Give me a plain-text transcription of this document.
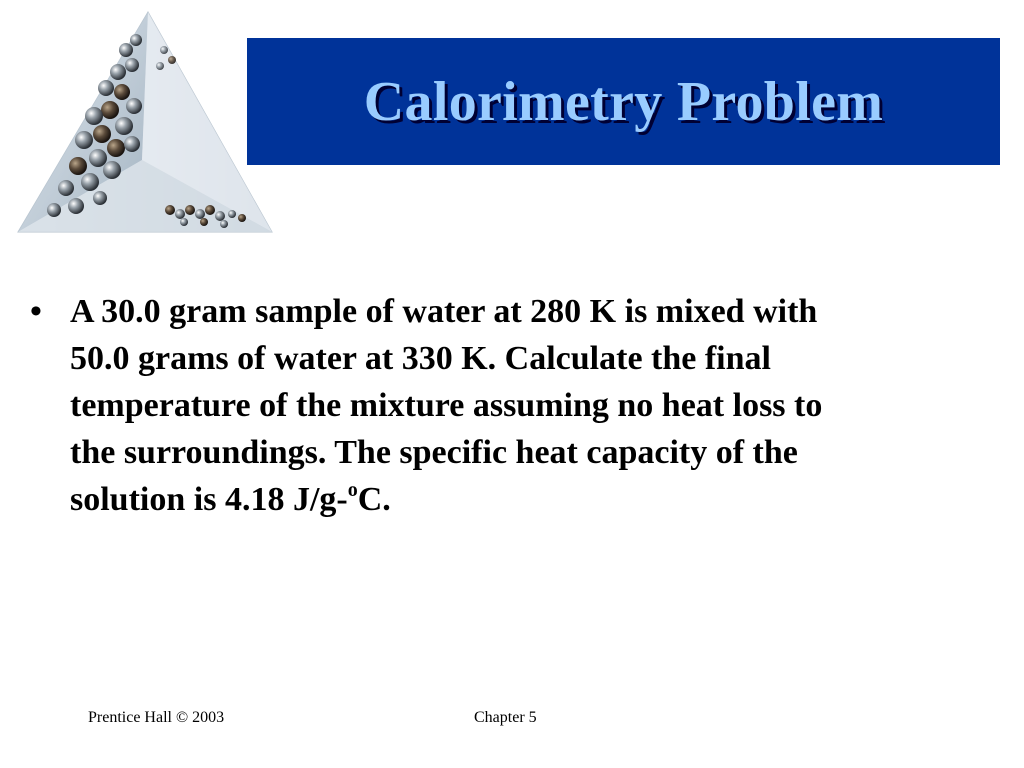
Calorimetry Problem
• A 30.0 gram sample of water at 280 K is mixed with
50.0 grams of water at 330 K. Calculate the final
temperature of the mixture assuming no heat loss to
the surroundings. The specific heat capacity of the
solution is 4.18 J/g-$^o$C.
Prentice Hall © 2003	Chapter 5
